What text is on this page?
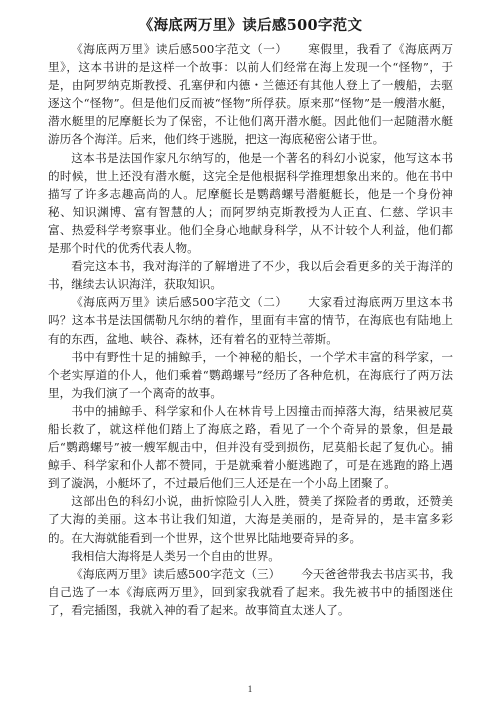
《海底两万里》读后感500字范文

《海底两万里》读后感500字范文（一） 寒假里，我看了《海底两万里》，这本书讲的是这样一个故事：以前人们经常在海上发现一个“怪物”，于是，由阿罗纳克斯教授、孔塞伊和内德・兰德还有其他人登上了一艘船，去驱逐这个“怪物”。但是他们反而被“怪物”所俘获。原来那“怪物”是一艘潜水艇，潜水艇里的尼摩艇长为了保密，不让他们离开潜水艇。因此他们一起随潜水艇游历各个海洋。后来，他们终于逃脱，把这一海底秘密公诸于世。

这本书是法国作家凡尔纳写的，他是一个著名的科幻小说家，他写这本书的时候，世上还没有潜水艇，这完全是他根据科学推理想象出来的。他在书中描写了许多志趣高尚的人。尼摩艇长是鹦鹉螺号潜艇艇长，他是一个身份神秘、知识渊博、富有智慧的人；而阿罗纳克斯教授为人正直、仁慈、学识丰富、热爱科学考察事业。他们全身心地献身科学，从不计较个人利益，他们都是那个时代的优秀代表人物。

看完这本书，我对海洋的了解增进了不少，我以后会看更多的关于海洋的书，继续去认识海洋，获取知识。

《海底两万里》读后感500字范文（二） 大家看过海底两万里这本书吗？这本书是法国儒勒凡尔纳的着作，里面有丰富的情节，在海底也有陆地上有的东西，盆地、峡谷、森林，还有着名的亚特兰蒂斯。

书中有野性十足的捕鲸手，一个神秘的船长，一个学术丰富的科学家，一个老实厚道的仆人，他们乘着“鹦鹉螺号”经历了各种危机，在海底行了两万法里，为我们演了一个离奇的故事。

书中的捕鲸手、科学家和仆人在林肯号上因撞击而掉落大海，结果被尼莫船长救了，就这样他们踏上了海底之路，看见了一个个奇异的景象，但是最后“鹦鹉螺号”被一艘军舰击中，但并没有受到损伤，尼莫船长起了复仇心。捕鲸手、科学家和仆人都不赞同，于是就乘着小艇逃跑了，可是在逃跑的路上遇到了漩涡，小艇坏了，不过最后他们三人还是在一个小岛上团聚了。

这部出色的科幻小说，曲折惊险引人入胜，赞美了探险者的勇敢，还赞美了大海的美丽。这本书让我们知道，大海是美丽的，是奇异的，是丰富多彩的。在大海就能看到一个世界，这个世界比陆地要奇异的多。

我相信大海将是人类另一个自由的世界。

《海底两万里》读后感500字范文（三） 今天爸爸带我去书店买书，我自己选了一本《海底两万里》，回到家我就看了起来。我先被书中的插图迷住了，看完插图，我就入神的看了起来。故事简直太迷人了。

1
